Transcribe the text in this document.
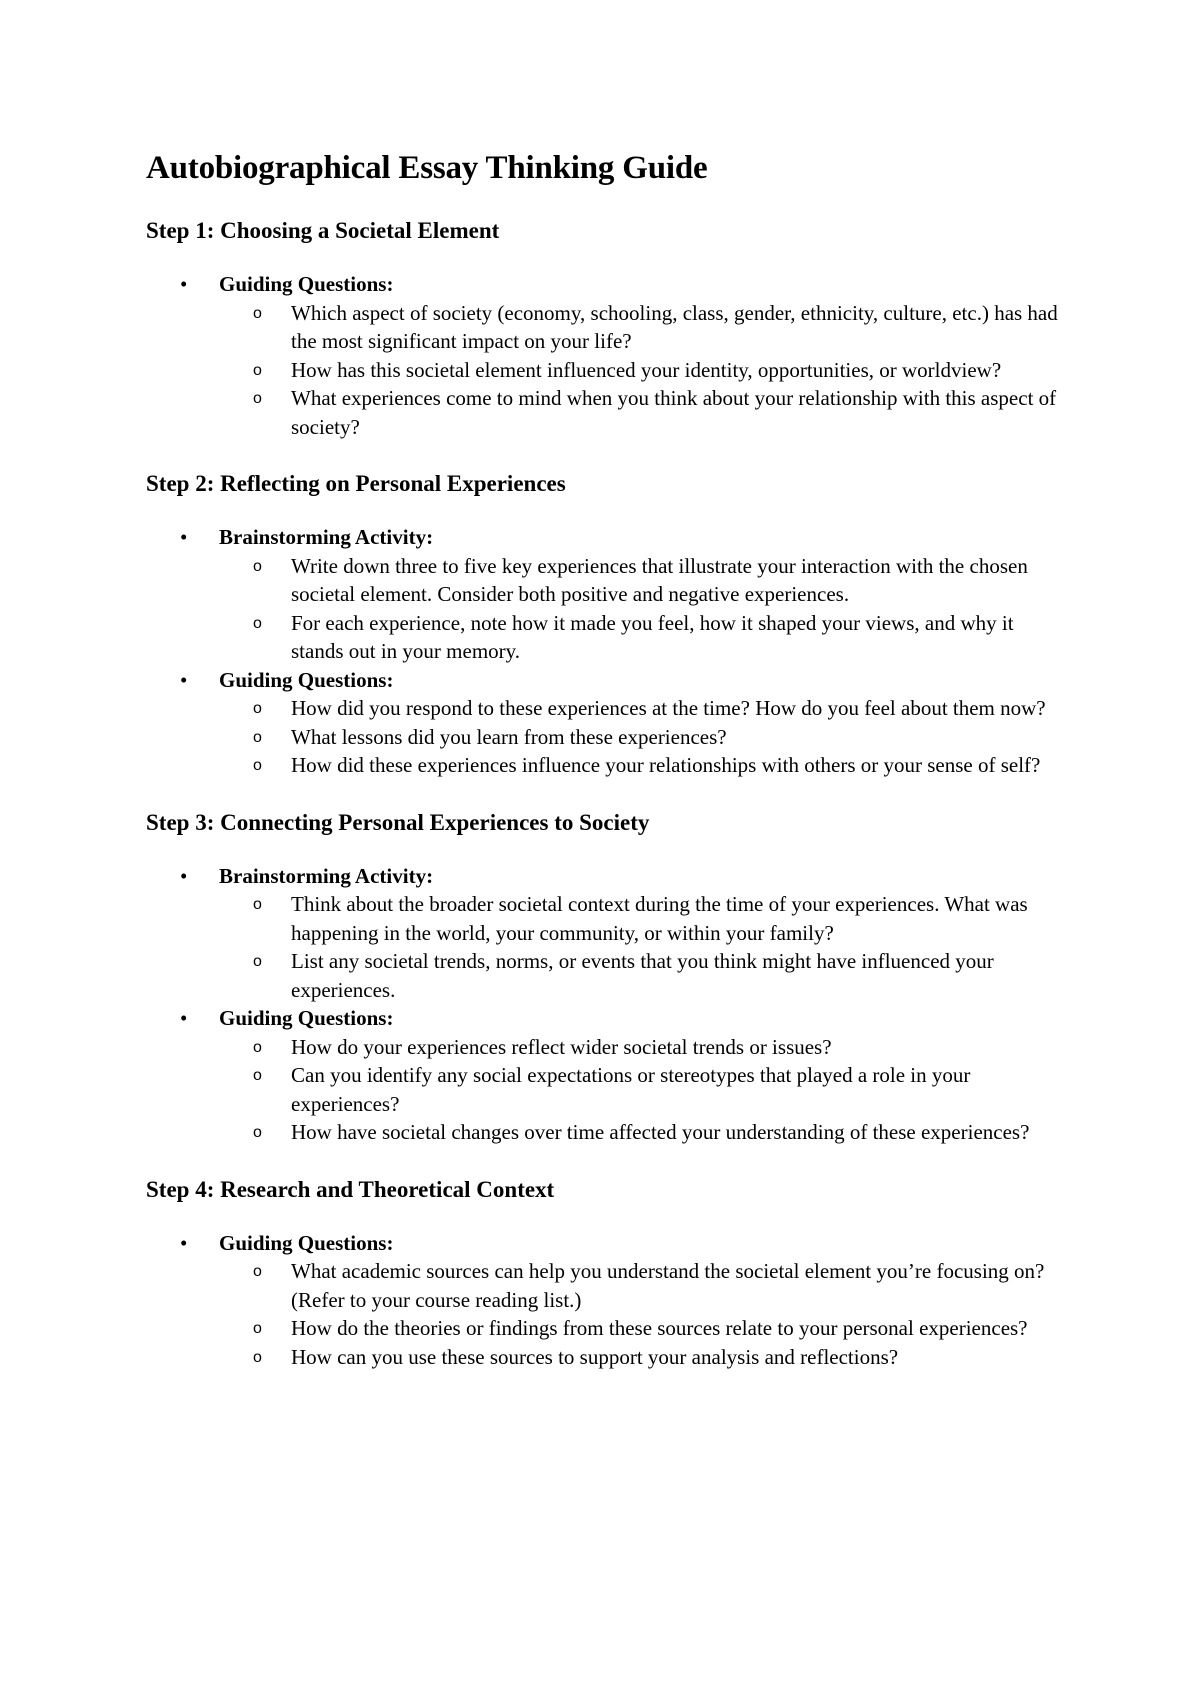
Autobiographical Essay Thinking Guide
Step 1: Choosing a Societal Element
• Guiding Questions:
o Which aspect of society (economy, schooling, class, gender, ethnicity, culture, etc.) has had the most significant impact on your life?
o How has this societal element influenced your identity, opportunities, or worldview?
o What experiences come to mind when you think about your relationship with this aspect of society?
Step 2: Reflecting on Personal Experiences
• Brainstorming Activity:
o Write down three to five key experiences that illustrate your interaction with the chosen societal element. Consider both positive and negative experiences.
o For each experience, note how it made you feel, how it shaped your views, and why it stands out in your memory.
• Guiding Questions:
o How did you respond to these experiences at the time? How do you feel about them now?
o What lessons did you learn from these experiences?
o How did these experiences influence your relationships with others or your sense of self?
Step 3: Connecting Personal Experiences to Society
• Brainstorming Activity:
o Think about the broader societal context during the time of your experiences. What was happening in the world, your community, or within your family?
o List any societal trends, norms, or events that you think might have influenced your experiences.
• Guiding Questions:
o How do your experiences reflect wider societal trends or issues?
o Can you identify any social expectations or stereotypes that played a role in your experiences?
o How have societal changes over time affected your understanding of these experiences?
Step 4: Research and Theoretical Context
• Guiding Questions:
o What academic sources can help you understand the societal element you’re focusing on? (Refer to your course reading list.)
o How do the theories or findings from these sources relate to your personal experiences?
o How can you use these sources to support your analysis and reflections?
